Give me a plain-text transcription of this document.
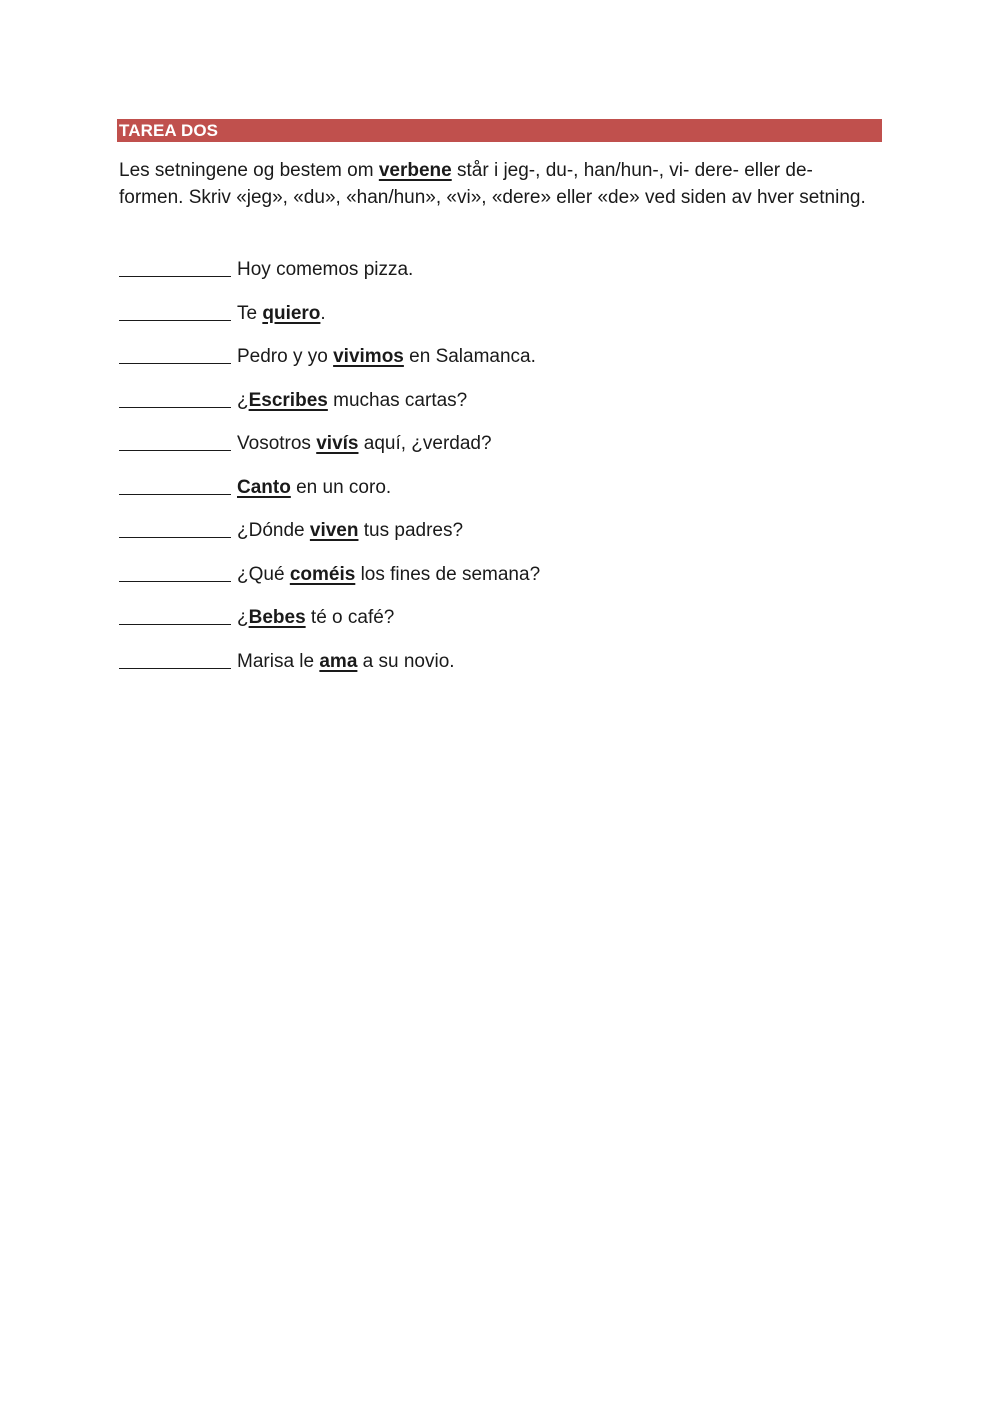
TAREA DOS

Les setningene og bestem om verbene står i jeg-, du-, han/hun-, vi- dere- eller de-formen. Skriv «jeg», «du», «han/hun», «vi», «dere» eller «de» ved siden av hver setning.

Hoy comemos pizza.
Te quiero.
Pedro y yo vivimos en Salamanca.
¿Escribes muchas cartas?
Vosotros vivís aquí, ¿verdad?
Canto en un coro.
¿Dónde viven tus padres?
¿Qué coméis los fines de semana?
¿Bebes té o café?
Marisa le ama a su novio.
